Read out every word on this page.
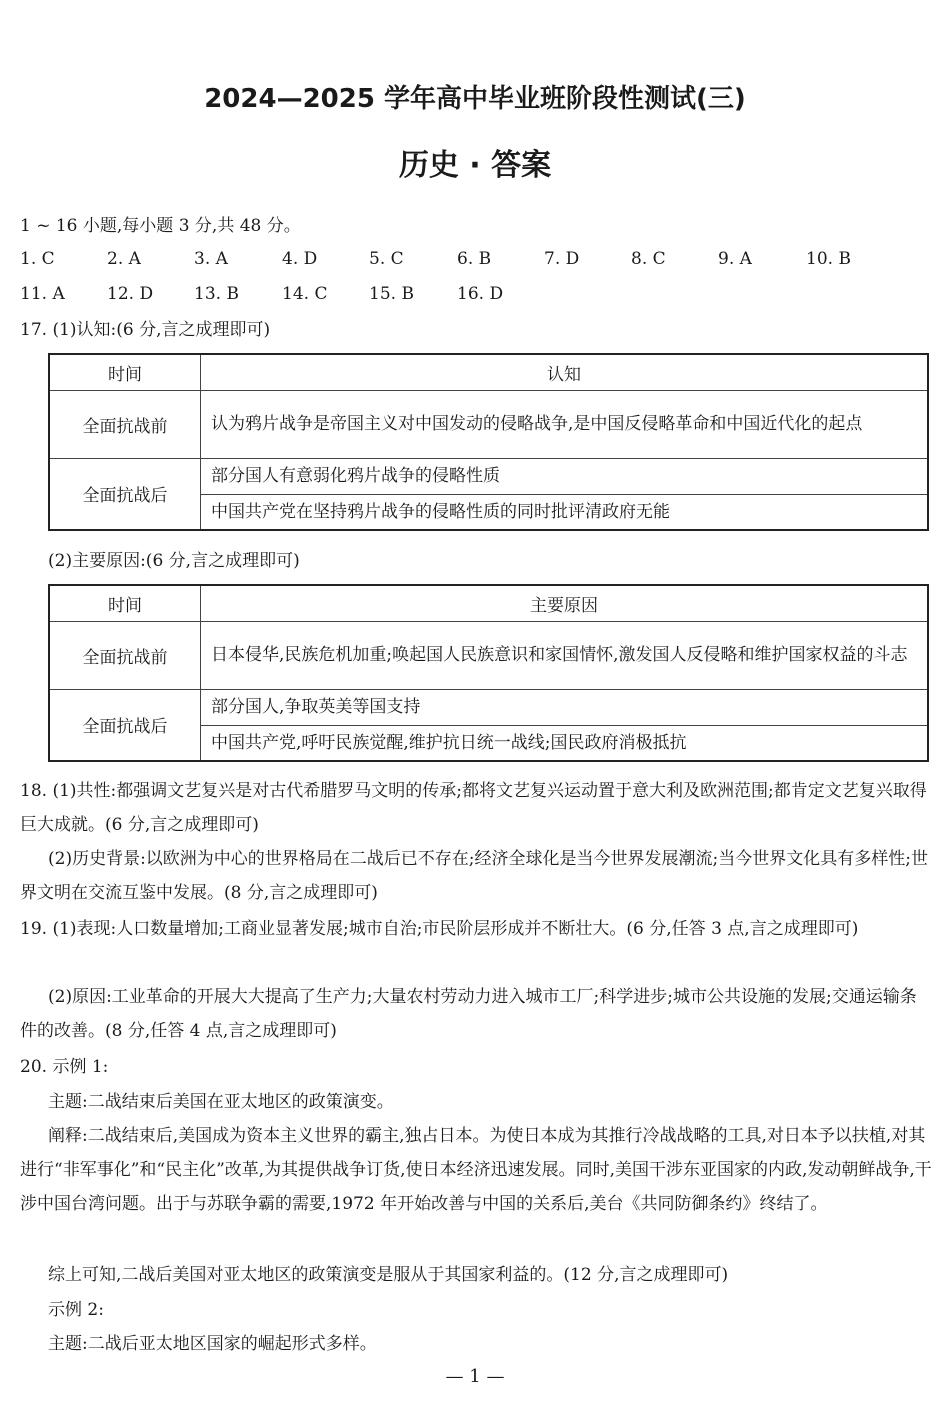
2024—2025 学年高中毕业班阶段性测试(三)
历史 · 答案
1 ~ 16 小题,每小题 3 分,共 48 分。
1. C	2. A	3. A	4. D	5. C	6. B	7. D	8. C	9. A	10. B
11. A 12. D 13. B	14. C 15. B	16. D
17. (1)认知:(6 分,言之成理即可)
时间	认知
全面抗战前	认为鸦片战争是帝国主义对中国发动的侵略战争,是中国反侵略革命和中国近代化的起点
全面抗战后	部分国人有意弱化鸦片战争的侵略性质
	中国共产党在坚持鸦片战争的侵略性质的同时批评清政府无能
(2)主要原因:(6 分,言之成理即可)
时间	主要原因
全面抗战前	日本侵华,民族危机加重;唤起国人民族意识和家国情怀,激发国人反侵略和维护国家权益的斗志
全面抗战后	部分国人,争取英美等国支持
	中国共产党,呼吁民族觉醒,维护抗日统一战线;国民政府消极抵抗
18. (1)共性:都强调文艺复兴是对古代希腊罗马文明的传承;都将文艺复兴运动置于意大利及欧洲范围;都肯定文艺复兴取得巨大成就。(6 分,言之成理即可)
(2)历史背景:以欧洲为中心的世界格局在二战后已不存在;经济全球化是当今世界发展潮流;当今世界文化具有多样性;世界文明在交流互鉴中发展。(8 分,言之成理即可)
19. (1)表现:人口数量增加;工商业显著发展;城市自治;市民阶层形成并不断壮大。(6 分,任答 3 点,言之成理即可)
(2)原因:工业革命的开展大大提高了生产力;大量农村劳动力进入城市工厂;科学进步;城市公共设施的发展;交通运输条件的改善。(8 分,任答 4 点,言之成理即可)
20. 示例 1:
主题:二战结束后美国在亚太地区的政策演变。
阐释:二战结束后,美国成为资本主义世界的霸主,独占日本。为使日本成为其推行冷战战略的工具,对日本予以扶植,对其进行“非军事化”和“民主化”改革,为其提供战争订货,使日本经济迅速发展。同时,美国干涉东亚国家的内政,发动朝鲜战争,干涉中国台湾问题。出于与苏联争霸的需要,1972 年开始改善与中国的关系后,美台《共同防御条约》终结了。
综上可知,二战后美国对亚太地区的政策演变是服从于其国家利益的。(12 分,言之成理即可)
示例 2:
主题:二战后亚太地区国家的崛起形式多样。
— 1 —
